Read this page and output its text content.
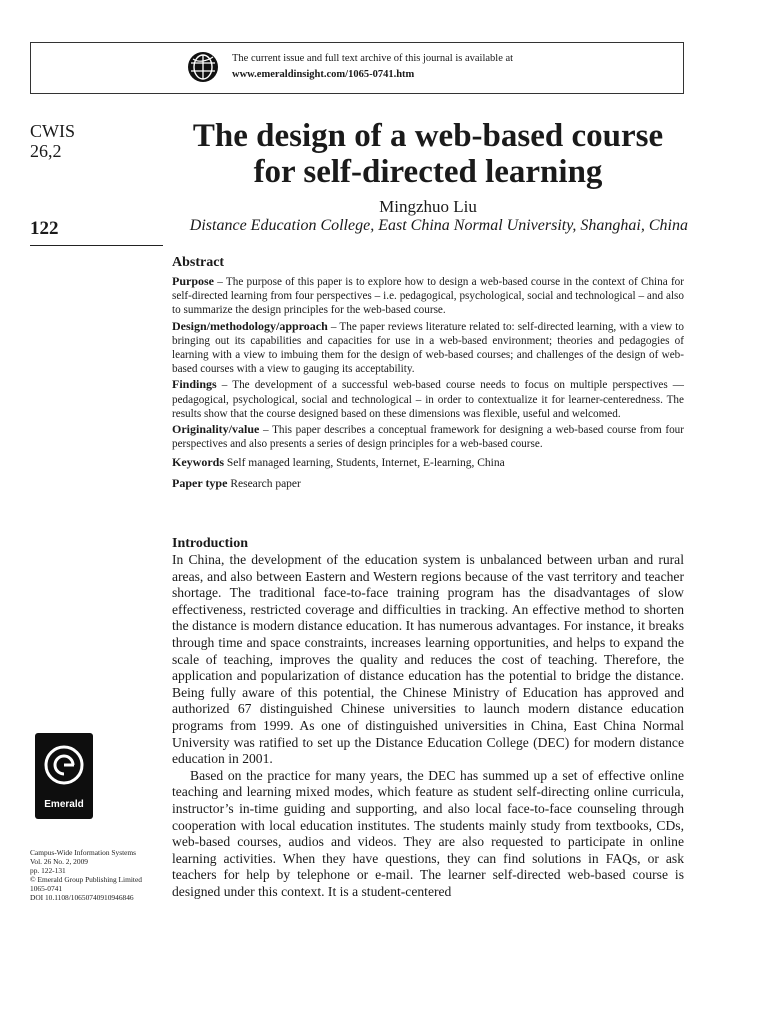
The current issue and full text archive of this journal is available at
www.emeraldinsight.com/1065-0741.htm
CWIS
26,2
122
The design of a web-based course for self-directed learning
Mingzhuo Liu
Distance Education College, East China Normal University, Shanghai, China
Abstract

Purpose – The purpose of this paper is to explore how to design a web-based course in the context of China for self-directed learning from four perspectives – i.e. pedagogical, psychological, social and technological – and also to summarize the design principles for the web-based course.

Design/methodology/approach – The paper reviews literature related to: self-directed learning, with a view to bringing out its capabilities and capacities for use in a web-based environment; theories and pedagogies of learning with a view to imbuing them for the design of web-based courses; and challenges of the design of web-based courses with a view to gauging its acceptability.

Findings – The development of a successful web-based course needs to focus on multiple perspectives — pedagogical, psychological, social and technological – in order to contextualize it for learner-centeredness. The results show that the course designed based on these dimensions was flexible, useful and welcomed.

Originality/value – This paper describes a conceptual framework for designing a web-based course from four perspectives and also presents a series of design principles for a web-based course.

Keywords Self managed learning, Students, Internet, E-learning, China

Paper type Research paper

Introduction

In China, the development of the education system is unbalanced between urban and rural areas, and also between Eastern and Western regions because of the vast territory and teacher shortage. The traditional face-to-face training program has the disadvantages of slow effectiveness, restricted coverage and difficulties in tracking. An effective method to shorten the distance is modern distance education. It has numerous advantages. For instance, it breaks through time and space constraints, increases learning opportunities, and helps to expand the scale of teaching, improves the quality and reduces the cost of teaching. Therefore, the application and popularization of distance education has the potential to bridge the distance. Being fully aware of this potential, the Chinese Ministry of Education has approved and authorized 67 distinguished Chinese universities to launch modern distance education programs from 1999. As one of distinguished universities in China, East China Normal University was ratified to set up the Distance Education College (DEC) for modern distance education in 2001.

Based on the practice for many years, the DEC has summed up a set of effective online teaching and learning mixed modes, which feature as student self-directing online curricula, instructor’s in-time guiding and supporting, and also local face-to-face counseling through cooperation with local education institutes. The students mainly study from textbooks, CDs, web-based courses, audios and videos. They are also requested to participate in online learning activities. When they have questions, they can find solutions in FAQs, or ask teachers for help by telephone or e-mail. The learner self-directed web-based course is designed under this context. It is a student-centered

Emerald
Campus-Wide Information Systems
Vol. 26 No. 2, 2009
pp. 122-131
© Emerald Group Publishing Limited
1065-0741
DOI 10.1108/10650740910946846
